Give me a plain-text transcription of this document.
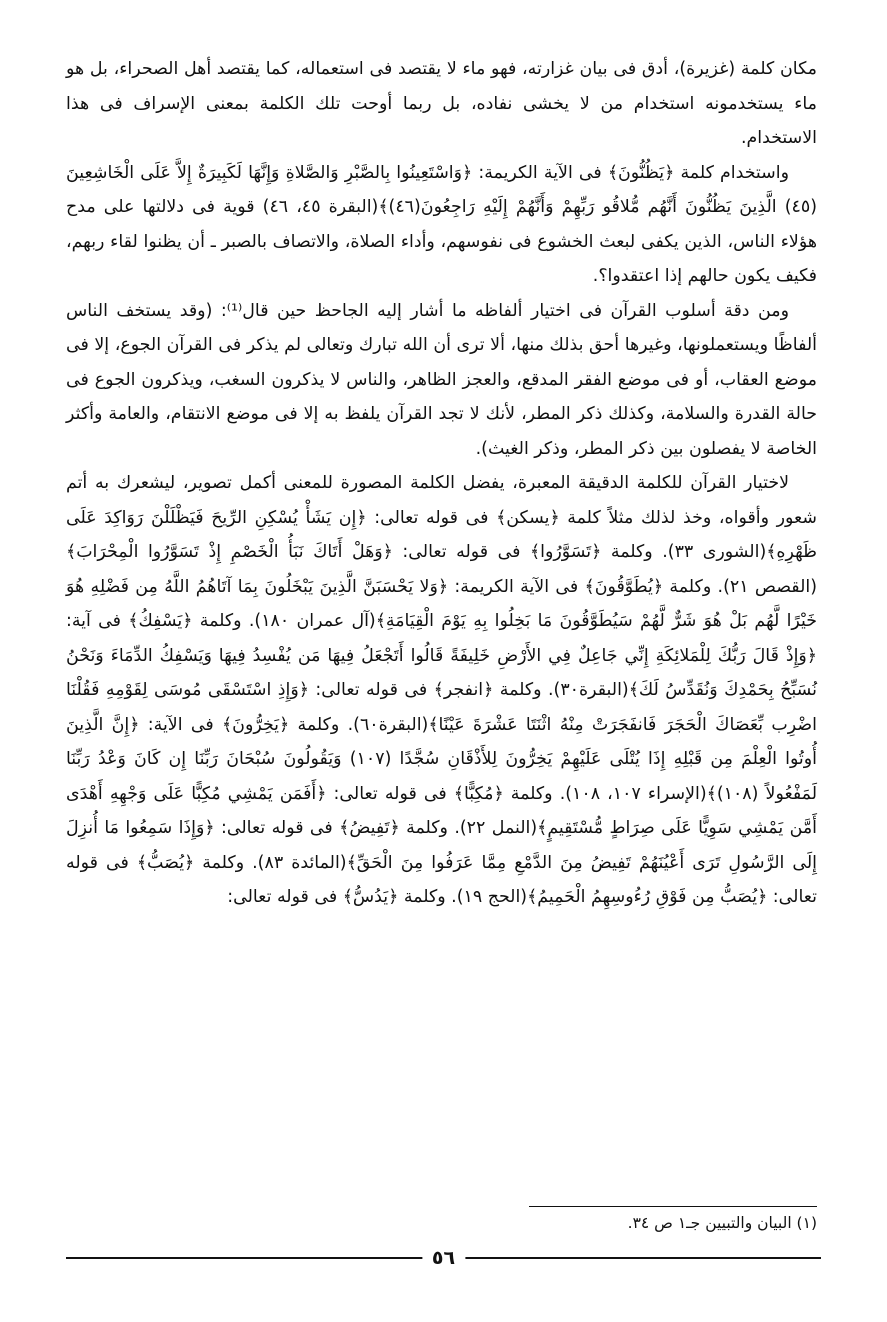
مكان كلمة (غزيرة)، أدق فى بيان غزارته، فهو ماء لا يقتصد فى استعماله، كما يقتصد أهل الصحراء، بل هو ماء يستخدمونه استخدام من لا يخشى نفاده، بل ربما أوحت تلك الكلمة بمعنى الإسراف فى هذا الاستخدام.

واستخدام كلمة ﴿يَظُنُّونَ﴾ فى الآية الكريمة: ﴿وَاسْتَعِينُوا بِالصَّبْرِ وَالصَّلاةِ وَإِنَّهَا لَكَبِيرَةٌ إِلاَّ عَلَى الْخَاشِعِينَ (٤٥) الَّذِينَ يَظُنُّونَ أَنَّهُم مُّلاقُو رَبِّهِمْ وَأَنَّهُمْ إِلَيْهِ رَاجِعُونَ(٤٦)﴾(البقرة ٤٥، ٤٦) قوية فى دلالتها على مدح هؤلاء الناس، الذين يكفى لبعث الخشوع فى نفوسهم، وأداء الصلاة، والاتصاف بالصبر ـ أن يظنوا لقاء ربهم، فكيف يكون حالهم إذا اعتقدوا؟.

ومن دقة أسلوب القرآن فى اختيار ألفاظه ما أشار إليه الجاحظ حين قال⁽¹⁾: (وقد يستخف الناس ألفاظًا ويستعملونها، وغيرها أحق بذلك منها، ألا ترى أن الله تبارك وتعالى لم يذكر فى القرآن الجوع، إلا فى موضع العقاب، أو فى موضع الفقر المدقع، والعجز الظاهر، والناس لا يذكرون السغب، ويذكرون الجوع فى حالة القدرة والسلامة، وكذلك ذكر المطر، لأنك لا تجد القرآن يلفظ به إلا فى موضع الانتقام، والعامة وأكثر الخاصة لا يفصلون بين ذكر المطر، وذكر الغيث).

لاختيار القرآن للكلمة الدقيقة المعبرة، يفضل الكلمة المصورة للمعنى أكمل تصوير، ليشعرك به أتم شعور وأقواه، وخذ لذلك مثلاً كلمة ﴿يسكن﴾ فى قوله تعالى: ﴿إِن يَشَأْ يُسْكِنِ الرِّيحَ فَيَظْلَلْنَ رَوَاكِدَ عَلَى ظَهْرِهِ﴾(الشورى ٣٣). وكلمة ﴿تَسَوَّرُوا﴾ فى قوله تعالى: ﴿وَهَلْ أَتَاكَ نَبَأُ الْخَصْمِ إِذْ تَسَوَّرُوا الْمِحْرَابَ﴾(القصص ٢١). وكلمة ﴿يُطَوَّقُونَ﴾ فى الآية الكريمة: ﴿وَلا يَحْسَبَنَّ الَّذِينَ يَبْخَلُونَ بِمَا آتَاهُمُ اللَّهُ مِن فَضْلِهِ هُوَ خَيْرًا لَّهُم بَلْ هُوَ شَرٌّ لَّهُمْ سَيُطَوَّقُونَ مَا بَخِلُوا بِهِ يَوْمَ الْقِيَامَةِ﴾(آل عمران ١٨٠). وكلمة ﴿يَسْفِكُ﴾ فى آية: ﴿وَإِذْ قَالَ رَبُّكَ لِلْمَلائِكَةِ إِنِّي جَاعِلٌ فِي الأَرْضِ خَلِيفَةً قَالُوا أَتَجْعَلُ فِيهَا مَن يُفْسِدُ فِيهَا وَيَسْفِكُ الدِّمَاءَ وَنَحْنُ نُسَبِّحُ بِحَمْدِكَ وَنُقَدِّسُ لَكَ﴾(البقرة٣٠). وكلمة ﴿انفجر﴾ فى قوله تعالى: ﴿وَإِذِ اسْتَسْقَى مُوسَى لِقَوْمِهِ فَقُلْنَا اضْرِب بِّعَصَاكَ الْحَجَرَ فَانفَجَرَتْ مِنْهُ اثْنَتَا عَشْرَةَ عَيْنًا﴾(البقرة٦٠). وكلمة ﴿يَخِرُّونَ﴾ فى الآية: ﴿إِنَّ الَّذِينَ أُوتُوا الْعِلْمَ مِن قَبْلِهِ إِذَا يُتْلَى عَلَيْهِمْ يَخِرُّونَ لِلأَذْقَانِ سُجَّدًا (١٠٧) وَيَقُولُونَ سُبْحَانَ رَبِّنَا إِن كَانَ وَعْدُ رَبِّنَا لَمَفْعُولاً (١٠٨)﴾(الإسراء ١٠٧، ١٠٨). وكلمة ﴿مُكِبًّا﴾ فى قوله تعالى: ﴿أَفَمَن يَمْشِي مُكِبًّا عَلَى وَجْهِهِ أَهْدَى أَمَّن يَمْشِي سَوِيًّا عَلَى صِرَاطٍ مُّسْتَقِيمٍ﴾(النمل ٢٢). وكلمة ﴿تَفِيضُ﴾ فى قوله تعالى: ﴿وَإِذَا سَمِعُوا مَا أُنزِلَ إِلَى الرَّسُولِ تَرَى أَعْيُنَهُمْ تَفِيضُ مِنَ الدَّمْعِ مِمَّا عَرَفُوا مِنَ الْحَقِّ﴾(المائدة ٨٣). وكلمة ﴿يُصَبُّ﴾ فى قوله تعالى: ﴿يُصَبُّ مِن فَوْقِ رُءُوسِهِمُ الْحَمِيمُ﴾(الحج ١٩). وكلمة ﴿يَدُسُّ﴾ فى قوله تعالى:

(١) البيان والتبيين جـ١ ص ٣٤.
٥٦
